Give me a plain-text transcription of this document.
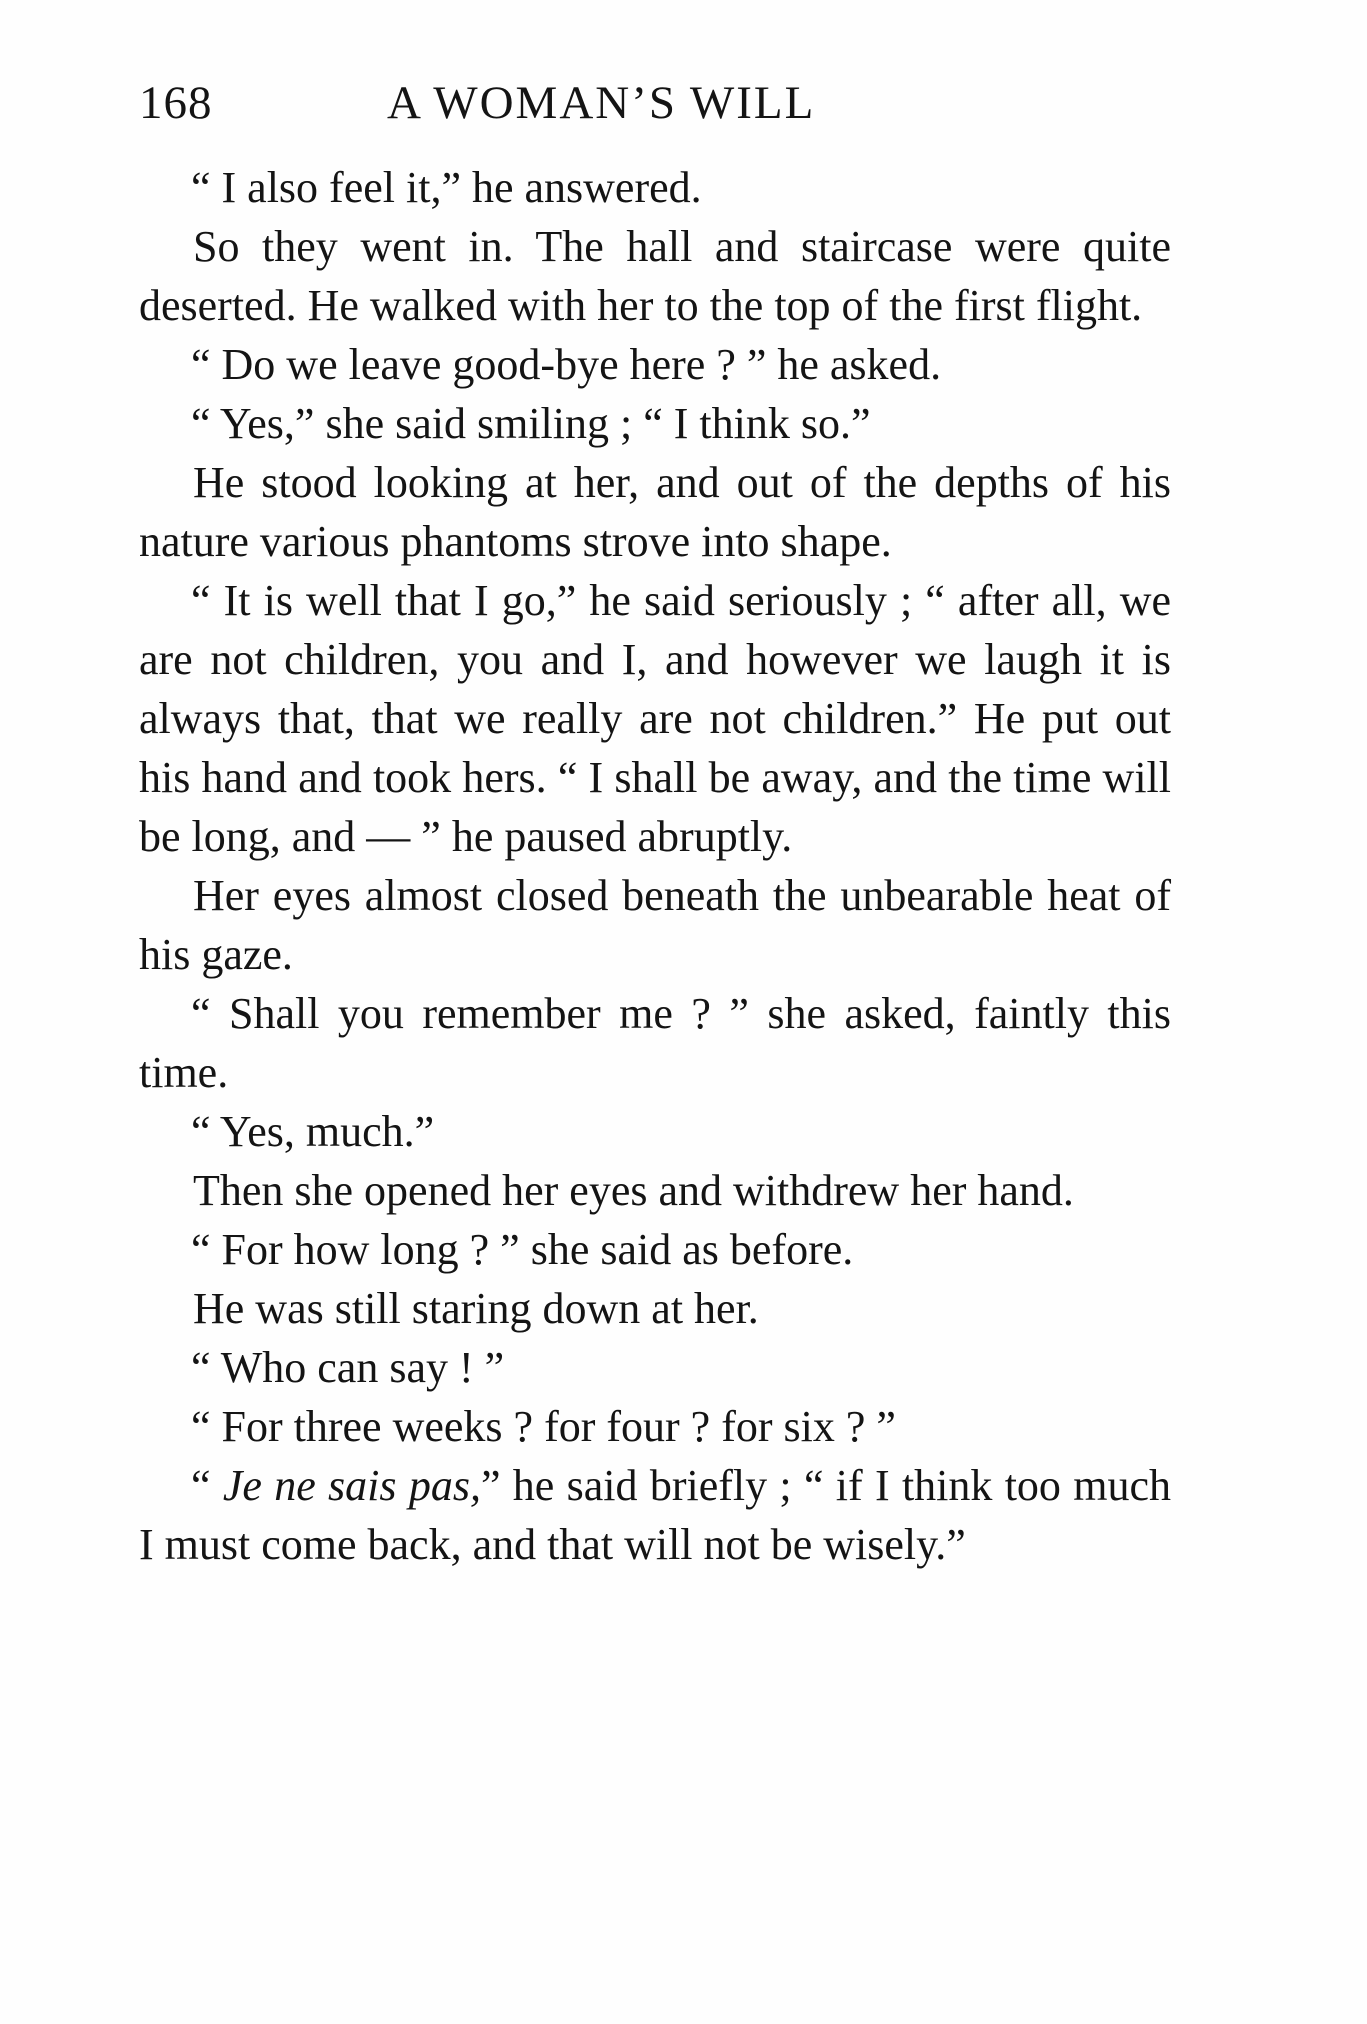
168	A WOMAN’S WILL

“ I also feel it,” he answered.

So they went in. The hall and staircase were quite deserted. He walked with her to the top of the first flight.

“ Do we leave good-bye here ? ” he asked.

“ Yes,” she said smiling ; “ I think so.”

He stood looking at her, and out of the depths of his nature various phantoms strove into shape.

“ It is well that I go,” he said seriously ; “ after all, we are not children, you and I, and however we laugh it is always that, that we really are not children.” He put out his hand and took hers. “ I shall be away, and the time will be long, and — ” he paused abruptly.

Her eyes almost closed beneath the unbearable heat of his gaze.

“ Shall you remember me ? ” she asked, faintly this time.

“ Yes, much.”

Then she opened her eyes and withdrew her hand.

“ For how long ? ” she said as before.

He was still staring down at her.

“ Who can say ! ”

“ For three weeks ? for four ? for six ? ”

“ Je ne sais pas,” he said briefly ; “ if I think too much I must come back, and that will not be wisely.”
